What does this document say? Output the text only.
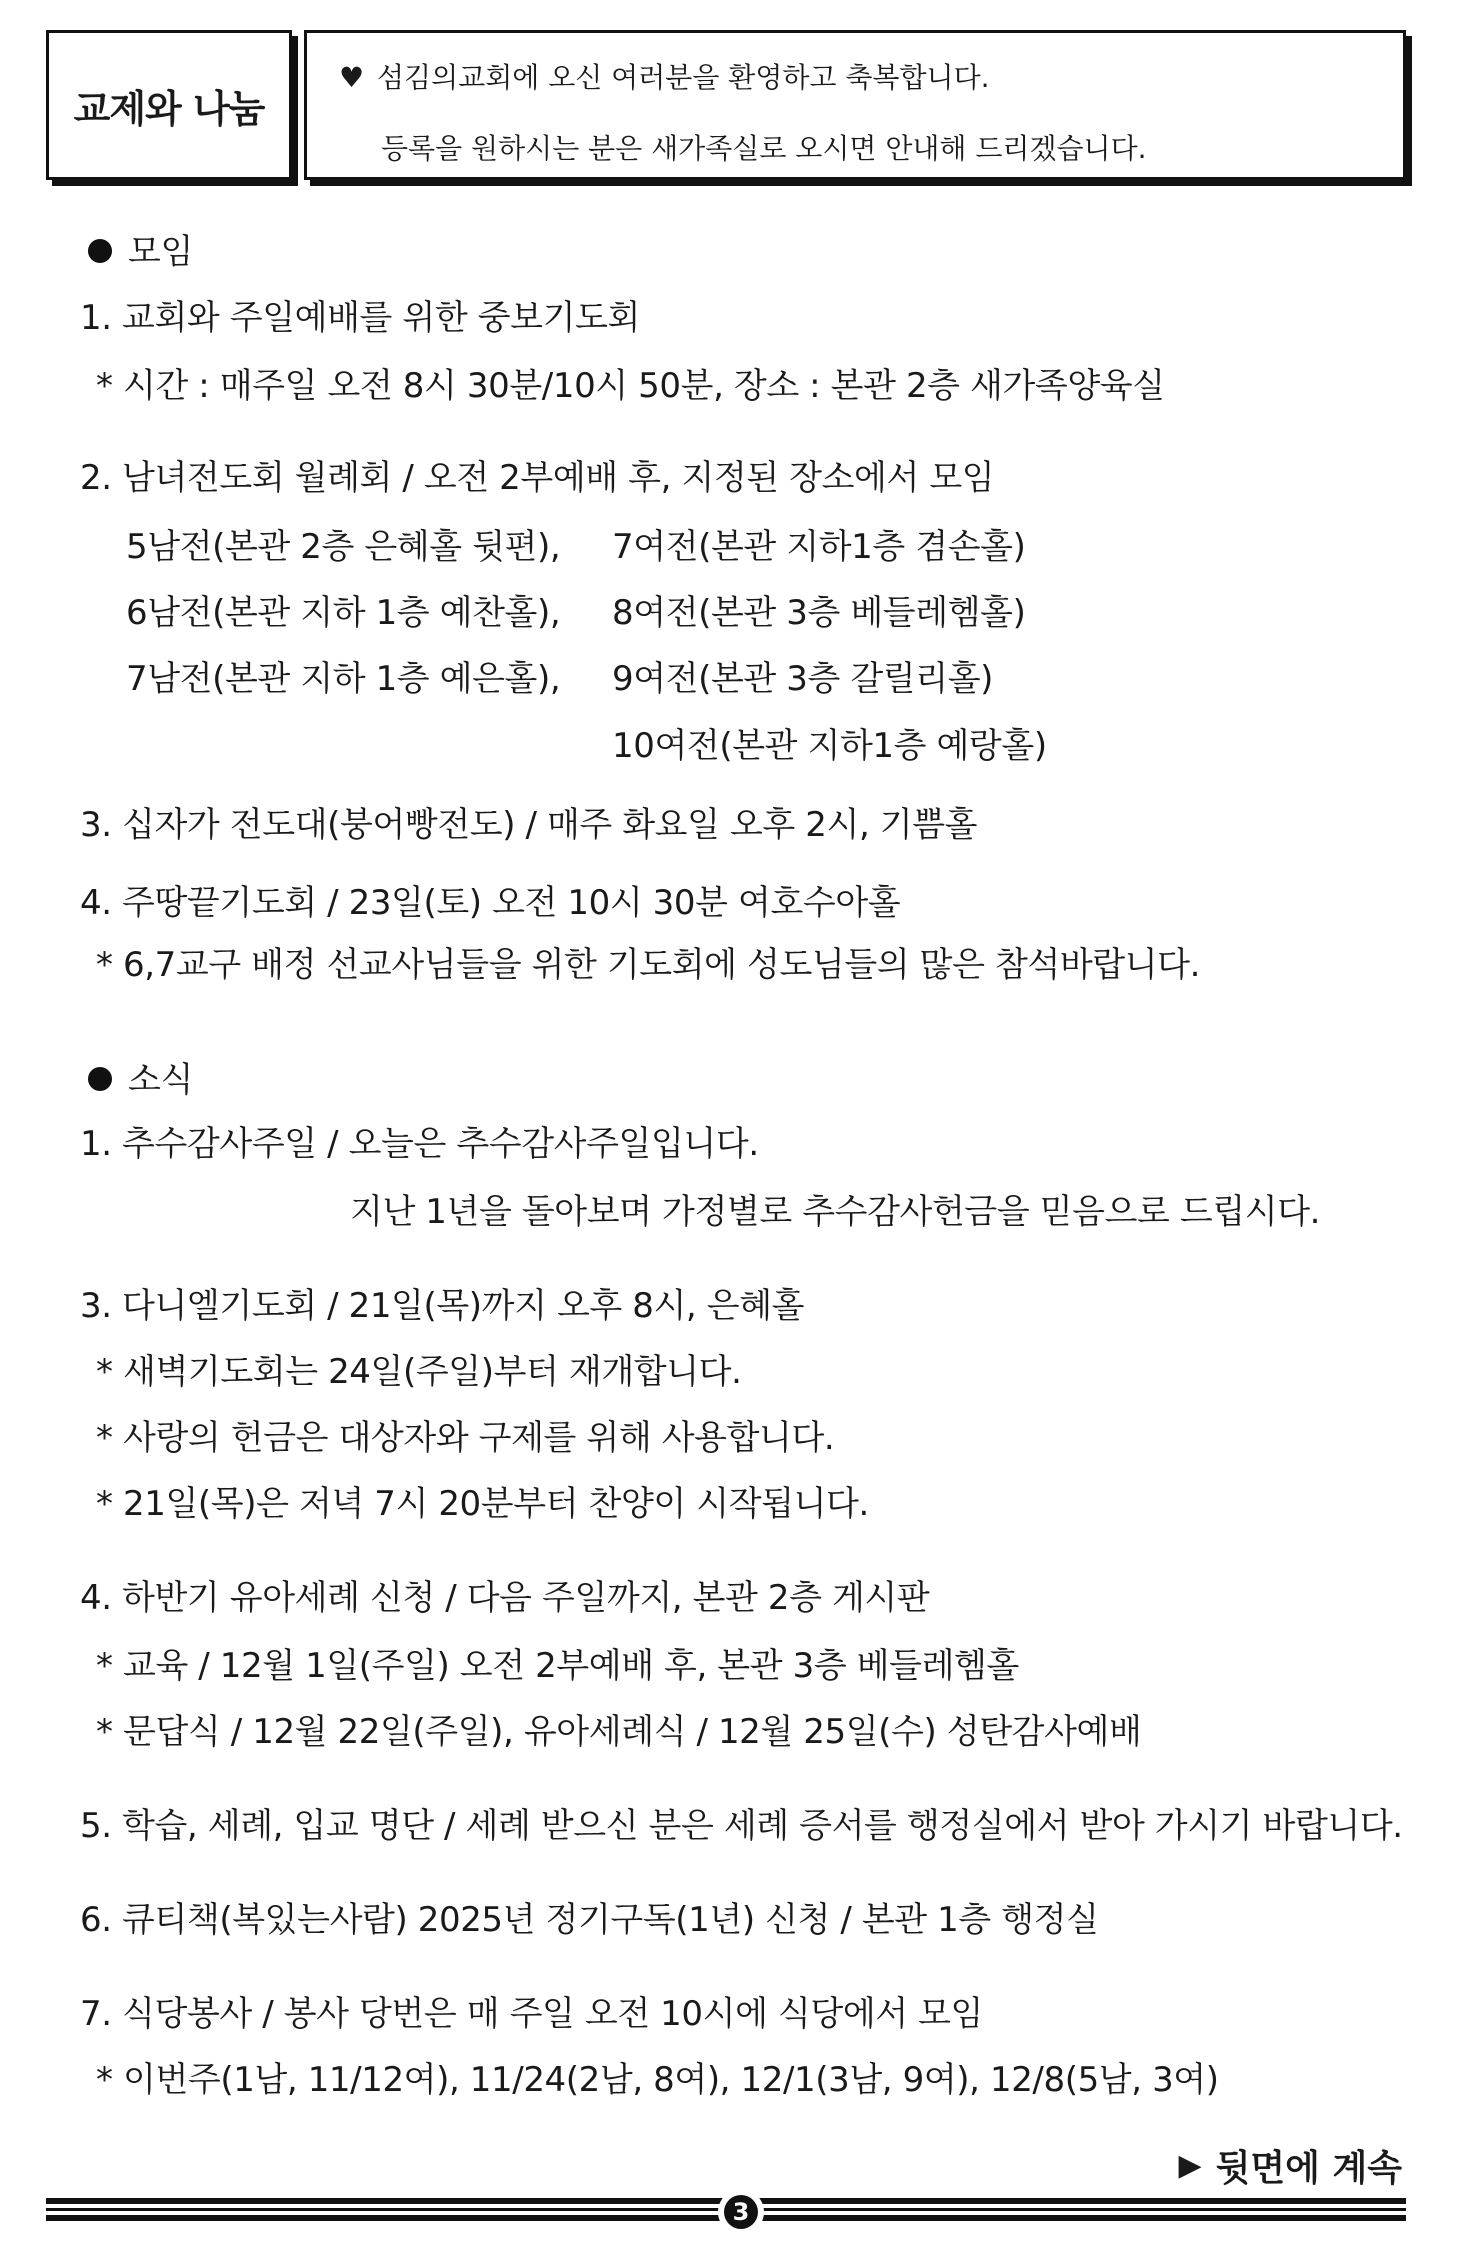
교제와 나눔
♥ 섬김의교회에 오신 여러분을 환영하고 축복합니다.
등록을 원하시는 분은 새가족실로 오시면 안내해 드리겠습니다.
모임
1. 교회와 주일예배를 위한 중보기도회
* 시간 : 매주일 오전 8시 30분/10시 50분, 장소 : 본관 2층 새가족양육실
2. 남녀전도회 월례회 / 오전 2부예배 후, 지정된 장소에서 모임
5남전(본관 2층 은혜홀 뒷편), 7여전(본관 지하1층 겸손홀)
6남전(본관 지하 1층 예찬홀), 8여전(본관 3층 베들레헴홀)
7남전(본관 지하 1층 예은홀), 9여전(본관 3층 갈릴리홀)
10여전(본관 지하1층 예랑홀)
3. 십자가 전도대(붕어빵전도) / 매주 화요일 오후 2시, 기쁨홀
4. 주땅끝기도회 / 23일(토) 오전 10시 30분 여호수아홀
* 6,7교구 배정 선교사님들을 위한 기도회에 성도님들의 많은 참석바랍니다.
소식
1. 추수감사주일 / 오늘은 추수감사주일입니다.
지난 1년을 돌아보며 가정별로 추수감사헌금을 믿음으로 드립시다.
3. 다니엘기도회 / 21일(목)까지 오후 8시, 은혜홀
* 새벽기도회는 24일(주일)부터 재개합니다.
* 사랑의 헌금은 대상자와 구제를 위해 사용합니다.
* 21일(목)은 저녁 7시 20분부터 찬양이 시작됩니다.
4. 하반기 유아세례 신청 / 다음 주일까지, 본관 2층 게시판
* 교육 / 12월 1일(주일) 오전 2부예배 후, 본관 3층 베들레헴홀
* 문답식 / 12월 22일(주일), 유아세례식 / 12월 25일(수) 성탄감사예배
5. 학습, 세례, 입교 명단 / 세례 받으신 분은 세례 증서를 행정실에서 받아 가시기 바랍니다.
6. 큐티책(복있는사람) 2025년 정기구독(1년) 신청 / 본관 1층 행정실
7. 식당봉사 / 봉사 당번은 매 주일 오전 10시에 식당에서 모임
* 이번주(1남, 11/12여), 11/24(2남, 8여), 12/1(3남, 9여), 12/8(5남, 3여)
▶ 뒷면에 계속
3
